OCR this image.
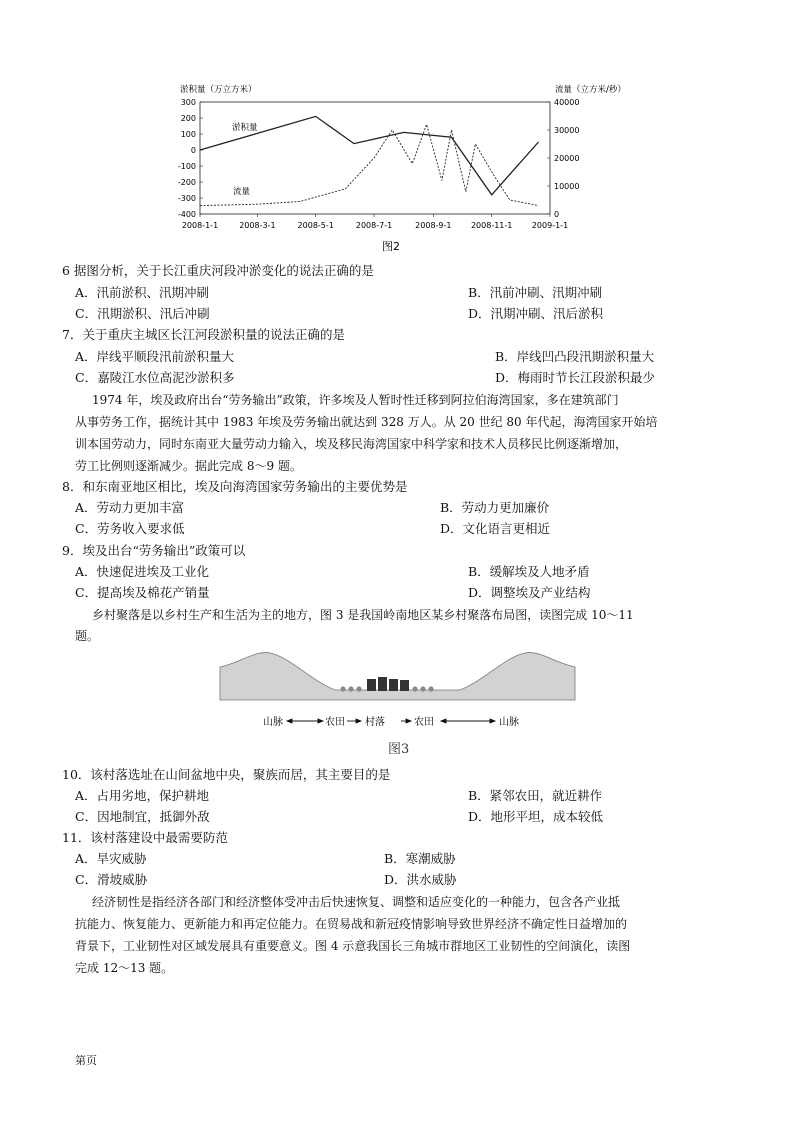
淤积量（万立方米）	流量（立方米/秒）
300
200
100
0
-100
-200
-300
-400
40000
30000
20000
10000
0
2008-1-1	2008-3-1	2008-5-1	2008-7-1	2008-9-1 2008-11-1 2009-1-1
淤积量
流量
图2
6 据图分析，关于长江重庆河段冲淤变化的说法正确的是
A．汛前淤积、汛期冲刷	B．汛前冲刷、汛期冲刷
C．汛期淤积、汛后冲刷	D．汛期冲刷、汛后淤积
7．关于重庆主城区长江河段淤积量的说法正确的是
A．岸线平顺段汛前淤积量大	B．岸线凹凸段汛期淤积量大
C．嘉陵江水位高泥沙淤积多	D．梅雨时节长江段淤积最少
1974 年，埃及政府出台“劳务输出”政策，许多埃及人暂时性迁移到阿拉伯海湾国家，多在建筑部门
从事劳务工作，据统计其中 1983 年埃及劳务输出就达到 328 万人。从 20 世纪 80 年代起，海湾国家开始培
训本国劳动力，同时东南亚大量劳动力输入，埃及移民海湾国家中科学家和技术人员移民比例逐渐增加，
劳工比例则逐渐减少。据此完成 8～9 题。
8．和东南亚地区相比，埃及向海湾国家劳务输出的主要优势是
A．劳动力更加丰富	B．劳动力更加廉价
C．劳务收入要求低	D．文化语言更相近
9．埃及出台“劳务输出”政策可以
A．快速促进埃及工业化	B．缓解埃及人地矛盾
C．提高埃及棉花产销量	D．调整埃及产业结构
乡村聚落是以乡村生产和生活为主的地方，图 3 是我国岭南地区某乡村聚落布局图，读图完成 10～11
题。
山脉	农田 村落	农田	山脉
图3
10．该村落选址在山间盆地中央，聚族而居，其主要目的是
A．占用劣地，保护耕地	B．紧邻农田，就近耕作
C．因地制宜，抵御外敌	D．地形平坦，成本较低
11．该村落建设中最需要防范
A．旱灾威胁	B．寒潮威胁
C．滑坡威胁	D．洪水威胁
经济韧性是指经济各部门和经济整体受冲击后快速恢复、调整和适应变化的一种能力，包含各产业抵
抗能力、恢复能力、更新能力和再定位能力。在贸易战和新冠疫情影响导致世界经济不确定性日益增加的
背景下，工业韧性对区域发展具有重要意义。图 4 示意我国长三角城市群地区工业韧性的空间演化，读图
完成 12～13 题。
第页
